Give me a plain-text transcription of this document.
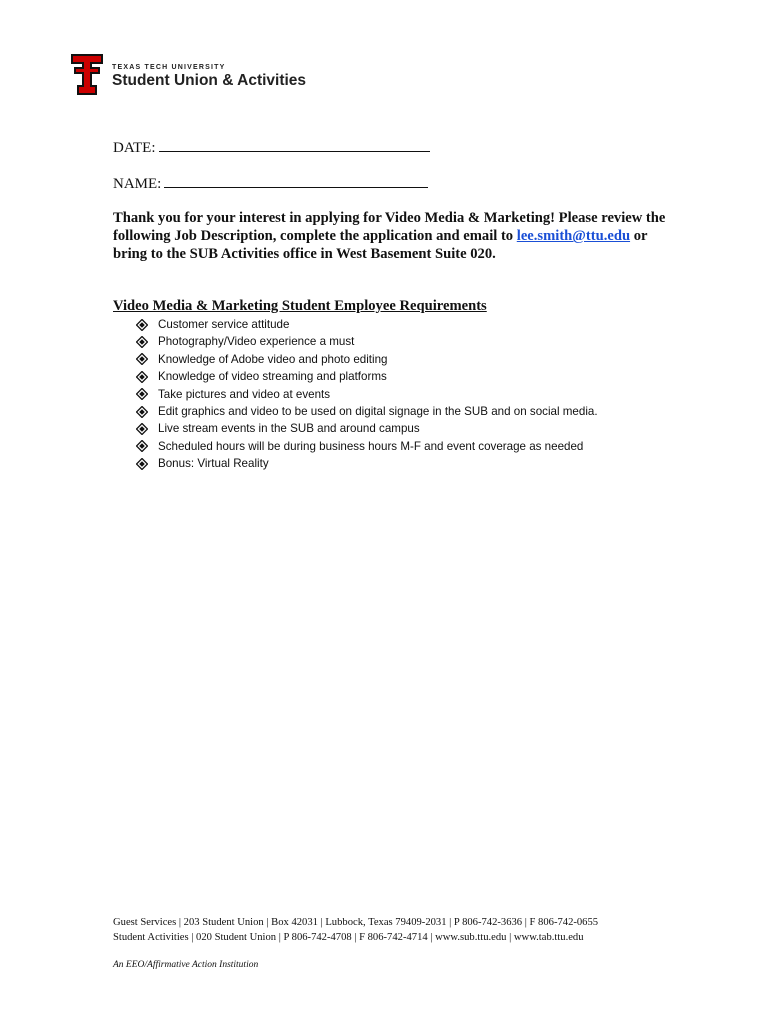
TEXAS TECH UNIVERSITY
Student Union & Activities
DATE:
NAME:
Thank you for your interest in applying for Video Media & Marketing! Please review the following Job Description, complete the application and email to lee.smith@ttu.edu or bring to the SUB Activities office in West Basement Suite 020.
Video Media & Marketing Student Employee Requirements
Customer service attitude
Photography/Video experience a must
Knowledge of Adobe video and photo editing
Knowledge of video streaming and platforms
Take pictures and video at events
Edit graphics and video to be used on digital signage in the SUB and on social media.
Live stream events in the SUB and around campus
Scheduled hours will be during business hours M-F and event coverage as needed
Bonus: Virtual Reality
Guest Services | 203 Student Union | Box 42031 | Lubbock, Texas 79409-2031 | P 806-742-3636 | F 806-742-0655
Student Activities | 020 Student Union | P 806-742-4708 | F 806-742-4714 | www.sub.ttu.edu | www.tab.ttu.edu
An EEO/Affirmative Action Institution
